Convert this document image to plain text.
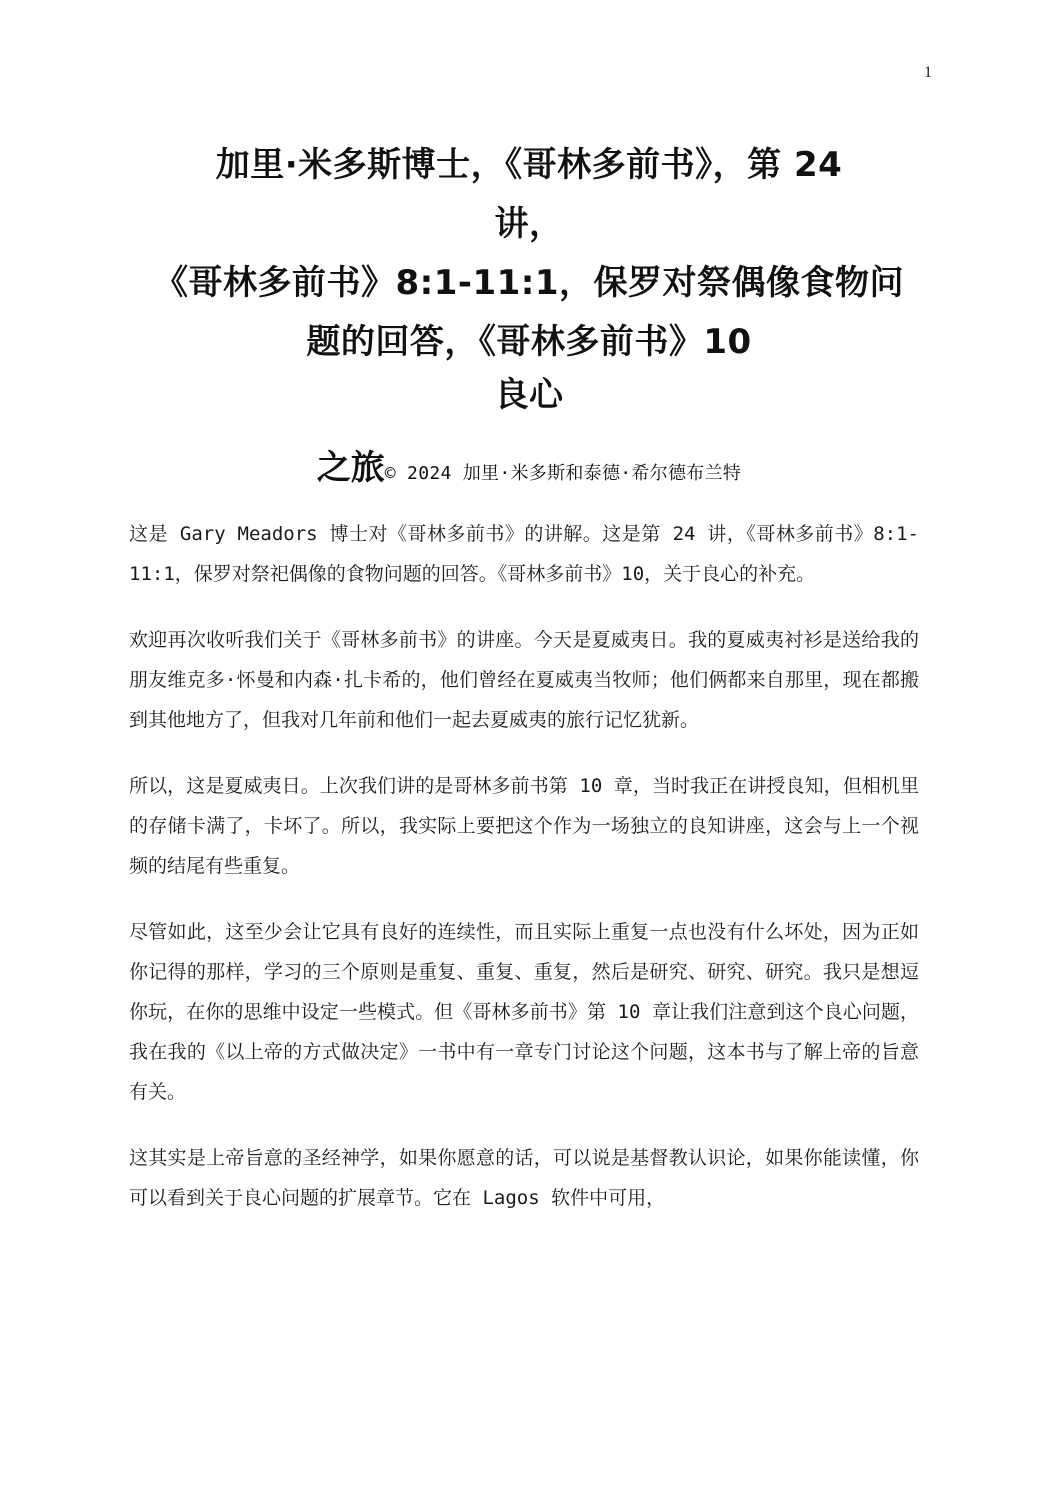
1
加里·米多斯博士，《哥林多前书》，第 24
讲，
《哥林多前书》8:1-11:1，保罗对祭偶像食物问
题的回答，《哥林多前书》10
良心
之旅© 2024 加里·米多斯和泰德·希尔德布兰特

这是 Gary Meadors 博士对《哥林多前书》的讲解。这是第 24 讲，《哥林多前书》8:1-11:1，保罗对祭祀偶像的食物问题的回答。《哥林多前书》10，关于良心的补充。

欢迎再次收听我们关于《哥林多前书》的讲座。今天是夏威夷日。我的夏威夷衬衫是送给我的朋友维克多·怀曼和内森·扎卡希的，他们曾经在夏威夷当牧师；他们俩都来自那里，现在都搬到其他地方了，但我对几年前和他们一起去夏威夷的旅行记忆犹新。

所以，这是夏威夷日。上次我们讲的是哥林多前书第 10 章，当时我正在讲授良知，但相机里的存储卡满了，卡坏了。所以，我实际上要把这个作为一场独立的良知讲座，这会与上一个视频的结尾有些重复。

尽管如此，这至少会让它具有良好的连续性，而且实际上重复一点也没有什么坏处，因为正如你记得的那样，学习的三个原则是重复、重复、重复，然后是研究、研究、研究。我只是想逗你玩，在你的思维中设定一些模式。但《哥林多前书》第 10 章让我们注意到这个良心问题，我在我的《以上帝的方式做决定》一书中有一章专门讨论这个问题，这本书与了解上帝的旨意有关。

这其实是上帝旨意的圣经神学，如果你愿意的话，可以说是基督教认识论，如果你能读懂，你可以看到关于良心问题的扩展章节。它在 Lagos 软件中可用，
